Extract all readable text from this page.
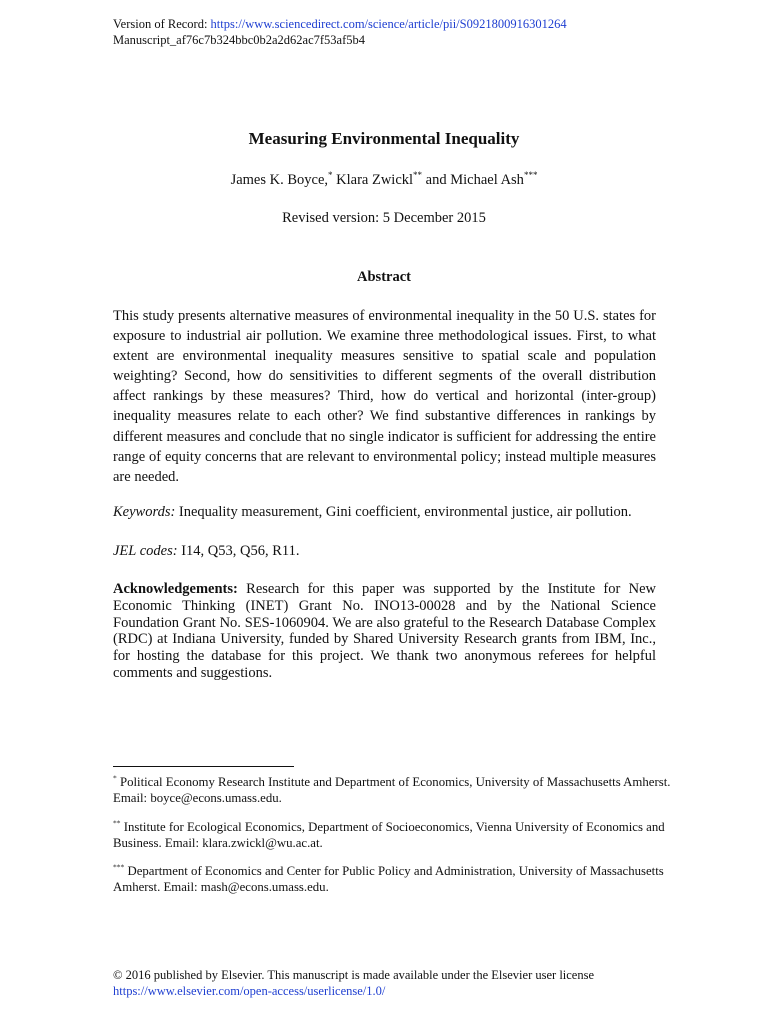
Version of Record: https://www.sciencedirect.com/science/article/pii/S0921800916301264
Manuscript_af76c7b324bbc0b2a2d62ac7f53af5b4
Measuring Environmental Inequality
James K. Boyce,* Klara Zwickl** and Michael Ash***
Revised version: 5 December 2015
Abstract

This study presents alternative measures of environmental inequality in the 50 U.S. states for exposure to industrial air pollution. We examine three methodological issues. First, to what extent are environmental inequality measures sensitive to spatial scale and population weighting? Second, how do sensitivities to different segments of the overall distribution affect rankings by these measures? Third, how do vertical and horizontal (inter-group) inequality measures relate to each other? We find substantive differences in rankings by different measures and conclude that no single indicator is sufficient for addressing the entire range of equity concerns that are relevant to environmental policy; instead multiple measures are needed.

Keywords: Inequality measurement, Gini coefficient, environmental justice, air pollution.

JEL codes: I14, Q53, Q56, R11.

Acknowledgements: Research for this paper was supported by the Institute for New Economic Thinking (INET) Grant No. INO13-00028 and by the National Science Foundation Grant No. SES-1060904. We are also grateful to the Research Database Complex (RDC) at Indiana University, funded by Shared University Research grants from IBM, Inc., for hosting the database for this project. We thank two anonymous referees for helpful comments and suggestions.

* Political Economy Research Institute and Department of Economics, University of Massachusetts Amherst. Email: boyce@econs.umass.edu.

** Institute for Ecological Economics, Department of Socioeconomics, Vienna University of Economics and Business. Email: klara.zwickl@wu.ac.at.

*** Department of Economics and Center for Public Policy and Administration, University of Massachusetts Amherst. Email: mash@econs.umass.edu.

© 2016 published by Elsevier. This manuscript is made available under the Elsevier user license
https://www.elsevier.com/open-access/userlicense/1.0/
